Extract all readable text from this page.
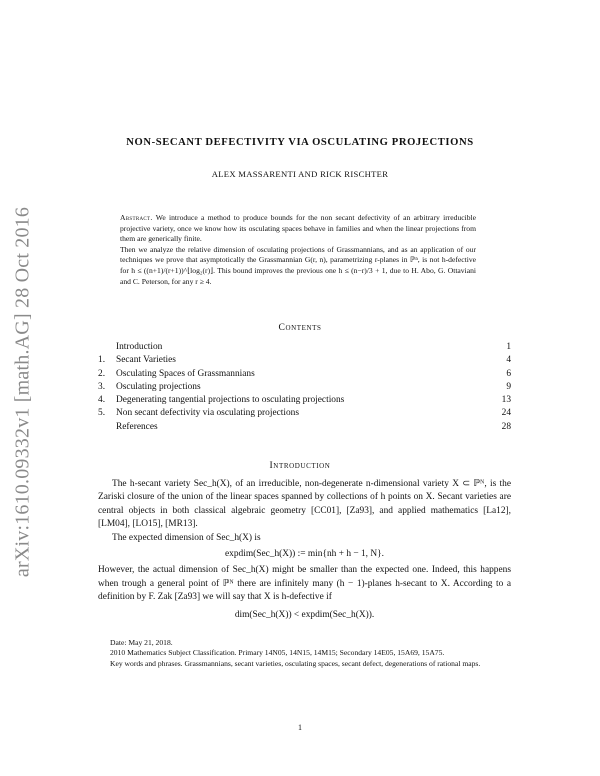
arXiv:1610.09332v1 [math.AG] 28 Oct 2016
NON-SECANT DEFECTIVITY VIA OSCULATING PROJECTIONS
ALEX MASSARENTI AND RICK RISCHTER

Abstract. We introduce a method to produce bounds for the non secant defectivity of an arbitrary irreducible projective variety, once we know how its osculating spaces behave in families and when the linear projections from them are generically finite.

Then we analyze the relative dimension of osculating projections of Grassmannians, and as an application of our techniques we prove that asymptotically the Grassmannian G(r, n), parametrizing r-planes in ℙⁿ, is not h-defective for h ≤ ((n+1)/(r+1))^⌊log₂(r)⌋. This bound improves the previous one h ≤ (n−r)/3 + 1, due to H. Abo, G. Ottaviani and C. Peterson, for any r ≥ 4.

Contents
Introduction	1
1. Secant Varieties	4
2. Osculating Spaces of Grassmannians	6
3. Osculating projections	9
4. Degenerating tangential projections to osculating projections	13
5. Non secant defectivity via osculating projections	24
References	28
Introduction

The h-secant variety Sec_h(X), of an irreducible, non-degenerate n-dimensional variety X ⊂ ℙᴺ, is the Zariski closure of the union of the linear spaces spanned by collections of h points on X. Secant varieties are central objects in both classical algebraic geometry [CC01], [Za93], and applied mathematics [La12], [LM04], [LO15], [MR13].

The expected dimension of Sec_h(X) is

expdim(Sec_h(X)) := min{nh + h − 1, N}.

However, the actual dimension of Sec_h(X) might be smaller than the expected one. Indeed, this happens when trough a general point of ℙᴺ there are infinitely many (h − 1)-planes h-secant to X. According to a definition by F. Zak [Za93] we will say that X is h-defective if

dim(Sec_h(X)) < expdim(Sec_h(X)).

Date: May 21, 2018.

2010 Mathematics Subject Classification. Primary 14N05, 14N15, 14M15; Secondary 14E05, 15A69, 15A75.

Key words and phrases. Grassmannians, secant varieties, osculating spaces, secant defect, degenerations of rational maps.

1
